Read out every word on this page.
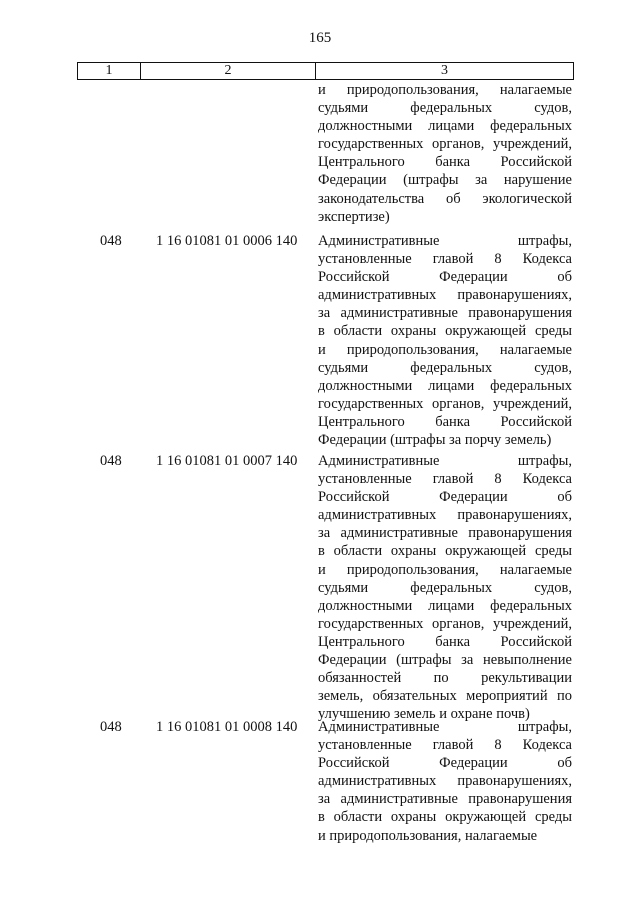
165
1	2	3
и природопользования, налагаемые
судьями федеральных судов,
должностными лицами федеральных
государственных органов, учреждений,
Центрального банка Российской
Федерации (штрафы за нарушение
законодательства об экологической
экспертизе)
048 1 16 01081 01 0006 140 Административные штрафы,
установленные главой 8 Кодекса
Российской Федерации об
административных правонарушениях,
за административные правонарушения
в области охраны окружающей среды
и природопользования, налагаемые
судьями федеральных судов,
должностными лицами федеральных
государственных органов, учреждений,
Центрального банка Российской
Федерации (штрафы за порчу земель)
048 1 16 01081 01 0007 140 Административные штрафы,
установленные главой 8 Кодекса
Российской Федерации об
административных правонарушениях,
за административные правонарушения
в области охраны окружающей среды
и природопользования, налагаемые
судьями федеральных судов,
должностными лицами федеральных
государственных органов, учреждений,
Центрального банка Российской
Федерации (штрафы за невыполнение
обязанностей по рекультивации
земель, обязательных мероприятий по
улучшению земель и охране почв)
048 1 16 01081 01 0008 140 Административные штрафы,
установленные главой 8 Кодекса
Российской Федерации об
административных правонарушениях,
за административные правонарушения
в области охраны окружающей среды
и природопользования, налагаемые
